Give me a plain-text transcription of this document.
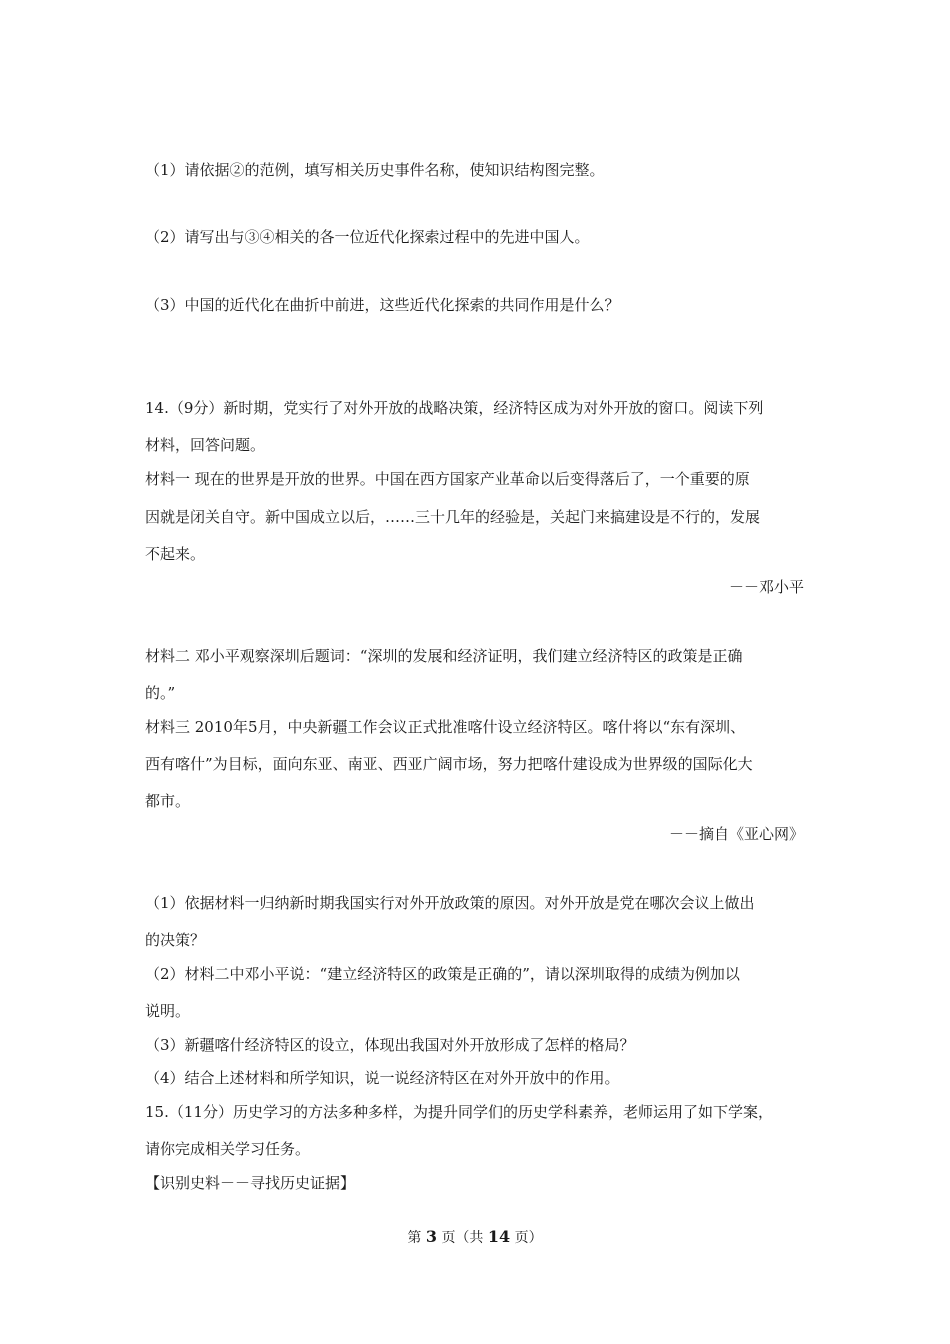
（1）请依据②的范例，填写相关历史事件名称，使知识结构图完整。
（2）请写出与③④相关的各一位近代化探索过程中的先进中国人。
（3）中国的近代化在曲折中前进，这些近代化探索的共同作用是什么？
14.（9分）新时期，党实行了对外开放的战略决策，经济特区成为对外开放的窗口。阅读下列
材料，回答问题。
材料一 现在的世界是开放的世界。中国在西方国家产业革命以后变得落后了，一个重要的原
因就是闭关自守。新中国成立以后，……三十几年的经验是，关起门来搞建设是不行的，发展
不起来。
－－邓小平
材料二 邓小平观察深圳后题词：“深圳的发展和经济证明，我们建立经济特区的政策是正确
的。”
材料三 2010年5月，中央新疆工作会议正式批准喀什设立经济特区。喀什将以“东有深圳、
西有喀什”为目标，面向东亚、南亚、西亚广阔市场，努力把喀什建设成为世界级的国际化大
都市。
－－摘自《亚心网》
（1）依据材料一归纳新时期我国实行对外开放政策的原因。对外开放是党在哪次会议上做出
的决策？
（2）材料二中邓小平说：“建立经济特区的政策是正确的”，请以深圳取得的成绩为例加以
说明。
（3）新疆喀什经济特区的设立，体现出我国对外开放形成了怎样的格局？
（4）结合上述材料和所学知识，说一说经济特区在对外开放中的作用。
15.（11分）历史学习的方法多种多样，为提升同学们的历史学科素养，老师运用了如下学案，
请你完成相关学习任务。
【识别史料－－寻找历史证据】
第 3 页（共 14 页）
